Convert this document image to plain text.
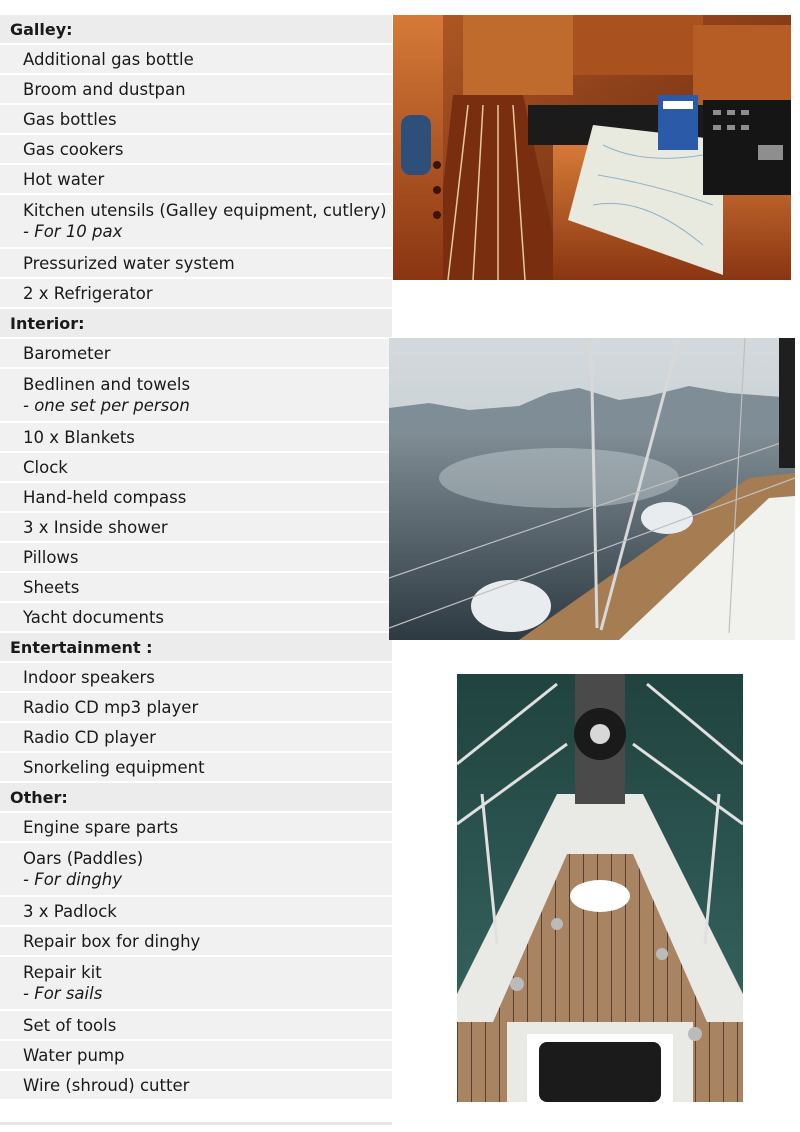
Galley:
Additional gas bottle
Broom and dustpan
Gas bottles
Gas cookers
Hot water
Kitchen utensils (Galley equipment, cutlery)
- For 10 pax
Pressurized water system
2 x Refrigerator
Interior:
Barometer
Bedlinen and towels
- one set per person
10 x Blankets
Clock
Hand-held compass
3 x Inside shower
Pillows
Sheets
Yacht documents
Entertainment :
Indoor speakers
Radio CD mp3 player
Radio CD player
Snorkeling equipment
Other:
Engine spare parts
Oars (Paddles)
- For dinghy
3 x Padlock
Repair box for dinghy
Repair kit
- For sails
Set of tools
Water pump
Wire (shroud) cutter
